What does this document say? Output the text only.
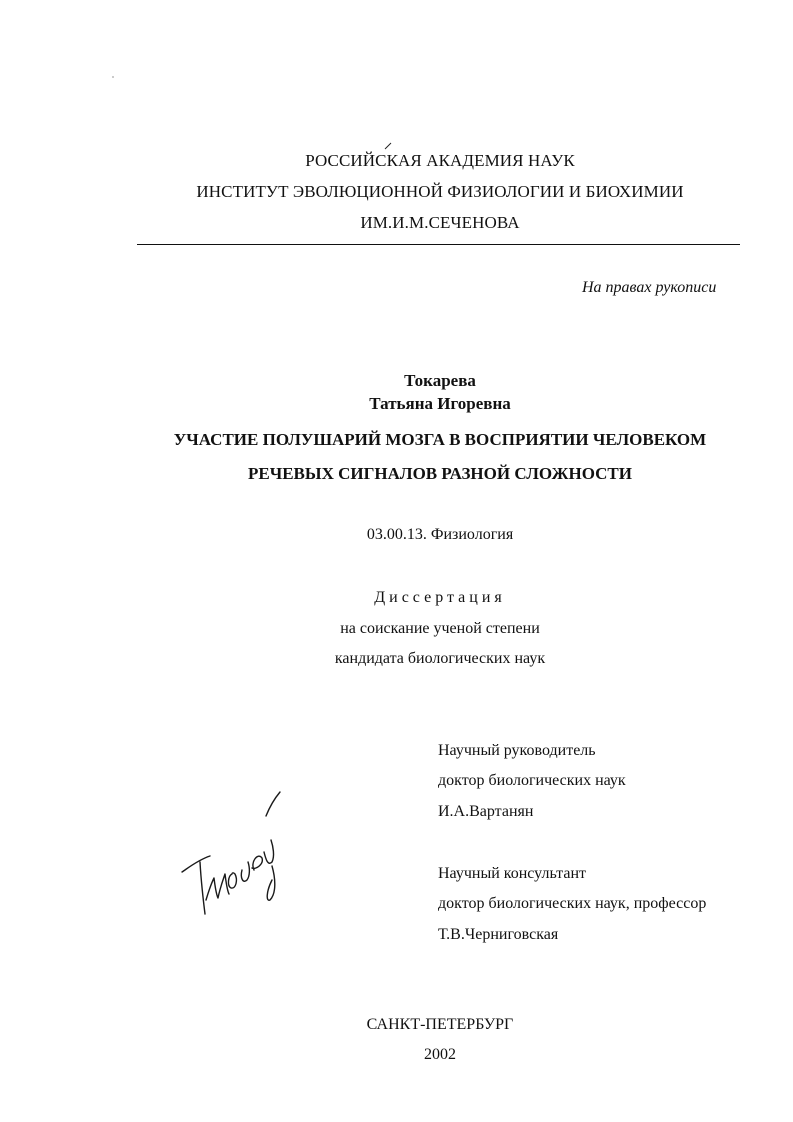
РОССИЙСКАЯ АКАДЕМИЯ НАУК
ИНСТИТУТ ЭВОЛЮЦИОННОЙ ФИЗИОЛОГИИ И БИОХИМИИ
ИМ.И.М.СЕЧЕНОВА
На правах рукописи
Токарева
Татьяна Игоревна
УЧАСТИЕ ПОЛУШАРИЙ МОЗГА В ВОСПРИЯТИИ ЧЕЛОВЕКОМ
РЕЧЕВЫХ СИГНАЛОВ РАЗНОЙ СЛОЖНОСТИ
03.00.13. Физиология
Диссертация
на соискание ученой степени
кандидата биологических наук
Научный руководитель
доктор биологических наук
И.А.Вартанян
Научный консультант
доктор биологических наук, профессор
Т.В.Черниговская
САНКТ-ПЕТЕРБУРГ
2002
